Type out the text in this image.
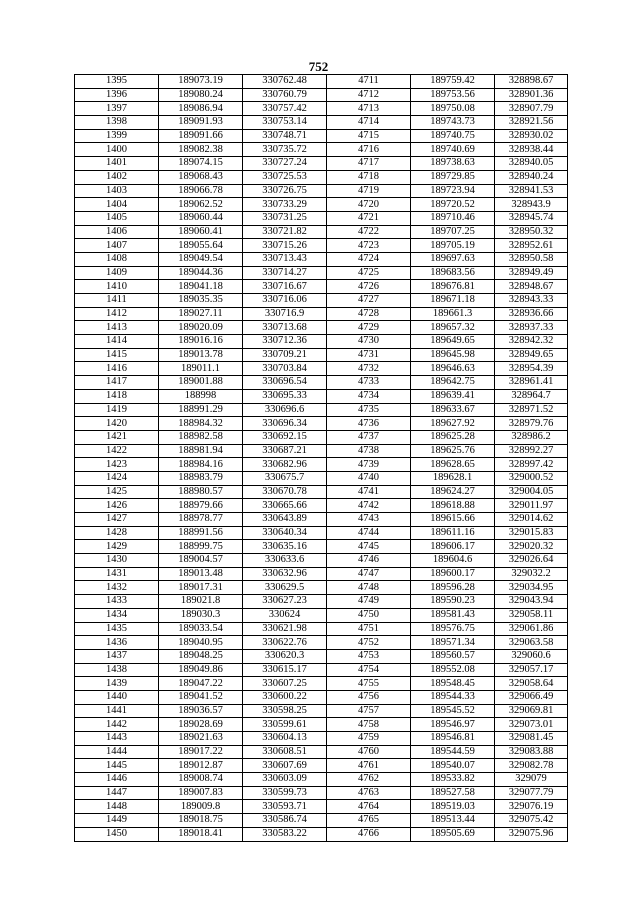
752
1395	189073.19	330762.48	4711	189759.42	328898.67
1396	189080.24	330760.79	4712	189753.56	328901.36
1397	189086.94	330757.42	4713	189750.08	328907.79
1398	189091.93	330753.14	4714	189743.73	328921.56
1399	189091.66	330748.71	4715	189740.75	328930.02
1400	189082.38	330735.72	4716	189740.69	328938.44
1401	189074.15	330727.24	4717	189738.63	328940.05
1402	189068.43	330725.53	4718	189729.85	328940.24
1403	189066.78	330726.75	4719	189723.94	328941.53
1404	189062.52	330733.29	4720	189720.52	328943.9
1405	189060.44	330731.25	4721	189710.46	328945.74
1406	189060.41	330721.82	4722	189707.25	328950.32
1407	189055.64	330715.26	4723	189705.19	328952.61
1408	189049.54	330713.43	4724	189697.63	328950.58
1409	189044.36	330714.27	4725	189683.56	328949.49
1410	189041.18	330716.67	4726	189676.81	328948.67
1411	189035.35	330716.06	4727	189671.18	328943.33
1412	189027.11	330716.9	4728	189661.3	328936.66
1413	189020.09	330713.68	4729	189657.32	328937.33
1414	189016.16	330712.36	4730	189649.65	328942.32
1415	189013.78	330709.21	4731	189645.98	328949.65
1416	189011.1	330703.84	4732	189646.63	328954.39
1417	189001.88	330696.54	4733	189642.75	328961.41
1418	188998	330695.33	4734	189639.41	328964.7
1419	188991.29	330696.6	4735	189633.67	328971.52
1420	188984.32	330696.34	4736	189627.92	328979.76
1421	188982.58	330692.15	4737	189625.28	328986.2
1422	188981.94	330687.21	4738	189625.76	328992.27
1423	188984.16	330682.96	4739	189628.65	328997.42
1424	188983.79	330675.7	4740	189628.1	329000.52
1425	188980.57	330670.78	4741	189624.27	329004.05
1426	188979.66	330665.66	4742	189618.88	329011.97
1427	188978.77	330643.89	4743	189615.66	329014.62
1428	188991.56	330640.34	4744	189611.16	329015.83
1429	188999.75	330635.16	4745	189606.17	329020.32
1430	189004.57	330633.6	4746	189604.6	329026.64
1431	189013.48	330632.96	4747	189600.17	329032.2
1432	189017.31	330629.5	4748	189596.28	329034.95
1433	189021.8	330627.23	4749	189590.23	329043.94
1434	189030.3	330624	4750	189581.43	329058.11
1435	189033.54	330621.98	4751	189576.75	329061.86
1436	189040.95	330622.76	4752	189571.34	329063.58
1437	189048.25	330620.3	4753	189560.57	329060.6
1438	189049.86	330615.17	4754	189552.08	329057.17
1439	189047.22	330607.25	4755	189548.45	329058.64
1440	189041.52	330600.22	4756	189544.33	329066.49
1441	189036.57	330598.25	4757	189545.52	329069.81
1442	189028.69	330599.61	4758	189546.97	329073.01
1443	189021.63	330604.13	4759	189546.81	329081.45
1444	189017.22	330608.51	4760	189544.59	329083.88
1445	189012.87	330607.69	4761	189540.07	329082.78
1446	189008.74	330603.09	4762	189533.82	329079
1447	189007.83	330599.73	4763	189527.58	329077.79
1448	189009.8	330593.71	4764	189519.03	329076.19
1449	189018.75	330586.74	4765	189513.44	329075.42
1450	189018.41	330583.22	4766	189505.69	329075.96
